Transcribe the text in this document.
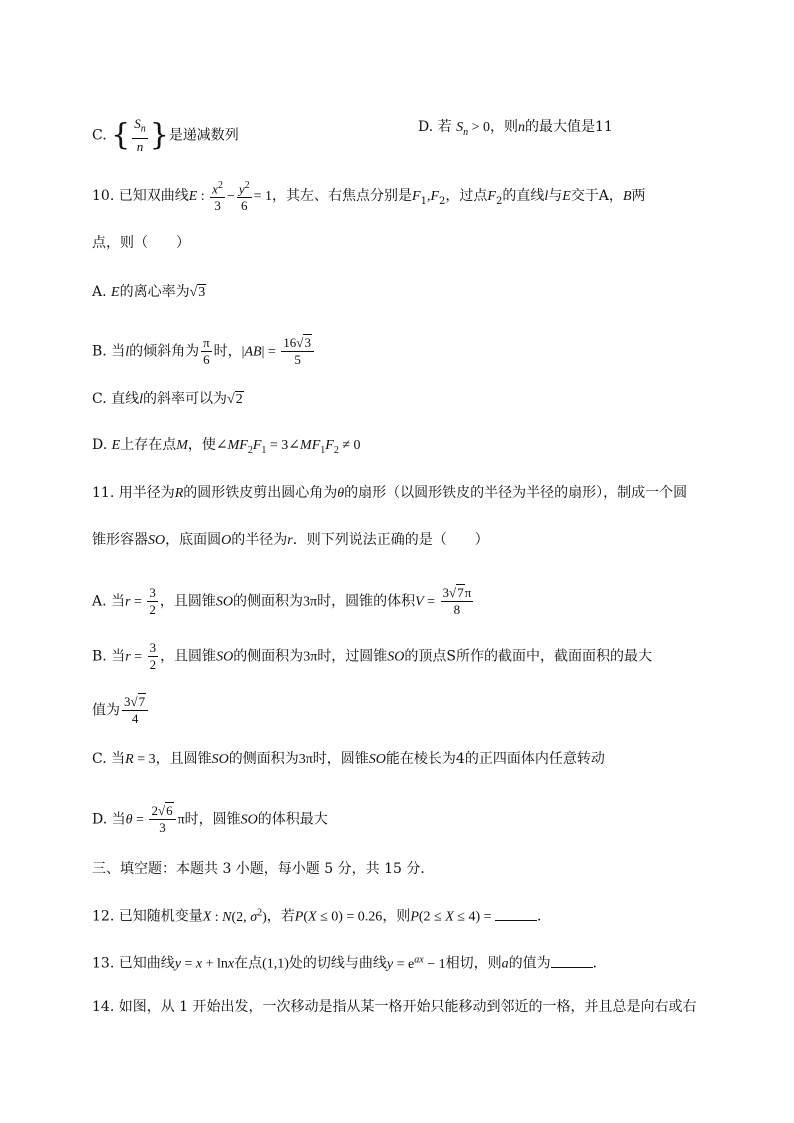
C. { $\frac{S_n}{n}$ }是递减数列
D. 若 $S_n > 0$，则n的最大值是11
10. 已知双曲线E : $\frac{x^2}{3} - \frac{y^2}{6} = 1$，其左、右焦点分别是$F_1,F_2$，过点$F_2$的直线l与E交于A，B两
点，则（　　）
A. E的离心率为√3
B. 当l的倾斜角为 $\frac{\pi}{6}$ 时，$|AB| = \frac{16√3}{5}$
C. 直线l的斜率可以为√2
D. E上存在点M，使$\angle MF_2F_1$ = $3\angle MF_1F_2 \ne 0$
11. 用半径为R的圆形铁皮剪出圆心角为θ的扇形（以圆形铁皮的半径为半径的扇形），制成一个圆
锥形容器SO，底面圆O的半径为r．则下列说法正确的是（　　）
A. 当$r = \frac{3}{2}$ ，且圆锥SO的侧面积为3π时，圆锥的体积$V = \frac{3√7\pi}{8}$
B. 当$r = \frac{3}{2}$ ，且圆锥SO的侧面积为3π时，过圆锥SO的顶点S所作的截面中，截面面积的最大
值为 $\frac{3√7}{4}$
C. 当R = 3，且圆锥SO的侧面积为3π时，圆锥SO能在棱长为4的正四面体内任意转动
D. 当$\theta = \frac{2√6}{3}$ π时，圆锥SO的体积最大
三、填空题：本题共 3 小题，每小题 5 分，共 15 分．
12. 已知随机变量X : N(2, $\sigma^2$)，若P(X ≤ 0) = 0.26，则P(2 ≤ X ≤ 4) =	．
13. 已知曲线y = x + lnx在点(1,1)处的切线与曲线$y = e^{ax} - 1$相切，则a的值为	．
14. 如图，从 1 开始出发，一次移动是指从某一格开始只能移动到邻近的一格，并且总是向右或右
